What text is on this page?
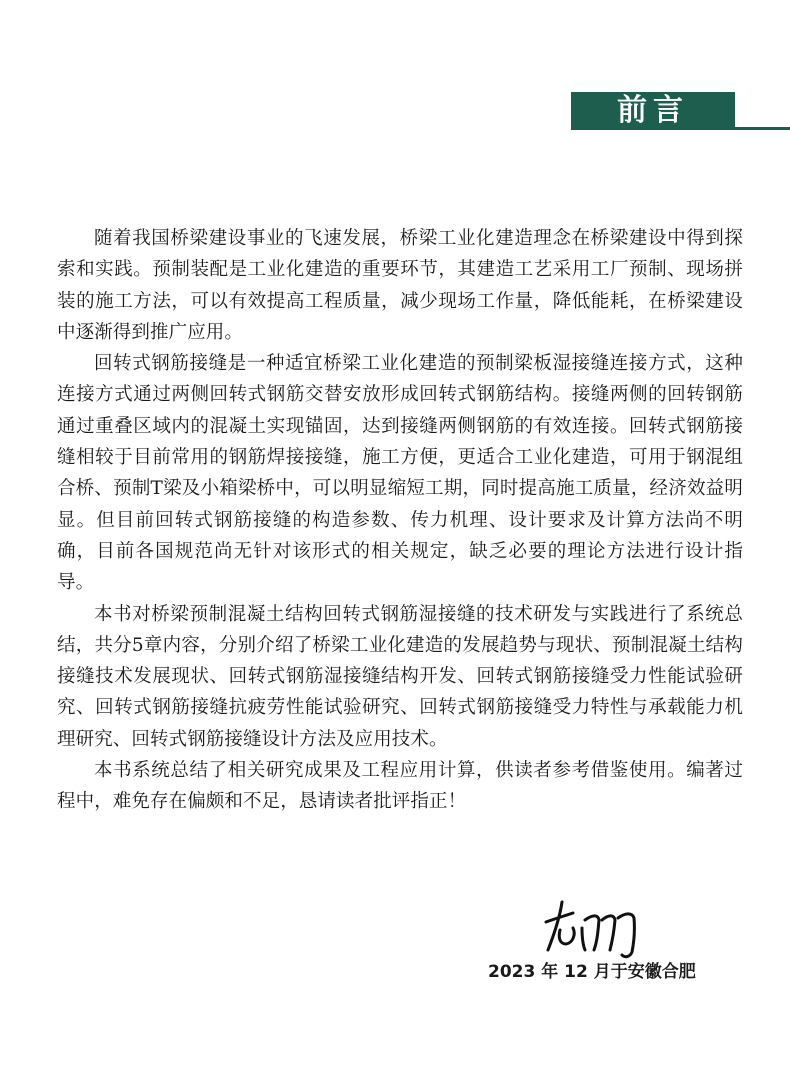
前言

随着我国桥梁建设事业的飞速发展，桥梁工业化建造理念在桥梁建设中得到探索和实践。预制装配是工业化建造的重要环节，其建造工艺采用工厂预制、现场拼装的施工方法，可以有效提高工程质量，减少现场工作量，降低能耗，在桥梁建设中逐渐得到推广应用。

回转式钢筋接缝是一种适宜桥梁工业化建造的预制梁板湿接缝连接方式，这种连接方式通过两侧回转式钢筋交替安放形成回转式钢筋结构。接缝两侧的回转钢筋通过重叠区域内的混凝土实现锚固，达到接缝两侧钢筋的有效连接。回转式钢筋接缝相较于目前常用的钢筋焊接接缝，施工方便，更适合工业化建造，可用于钢混组合桥、预制T梁及小箱梁桥中，可以明显缩短工期，同时提高施工质量，经济效益明显。但目前回转式钢筋接缝的构造参数、传力机理、设计要求及计算方法尚不明确，目前各国规范尚无针对该形式的相关规定，缺乏必要的理论方法进行设计指导。

本书对桥梁预制混凝土结构回转式钢筋湿接缝的技术研发与实践进行了系统总结，共分5章内容，分别介绍了桥梁工业化建造的发展趋势与现状、预制混凝土结构接缝技术发展现状、回转式钢筋湿接缝结构开发、回转式钢筋接缝受力性能试验研究、回转式钢筋接缝抗疲劳性能试验研究、回转式钢筋接缝受力特性与承载能力机理研究、回转式钢筋接缝设计方法及应用技术。

本书系统总结了相关研究成果及工程应用计算，供读者参考借鉴使用。编著过程中，难免存在偏颇和不足，恳请读者批评指正！

2023 年 12 月于安徽合肥
